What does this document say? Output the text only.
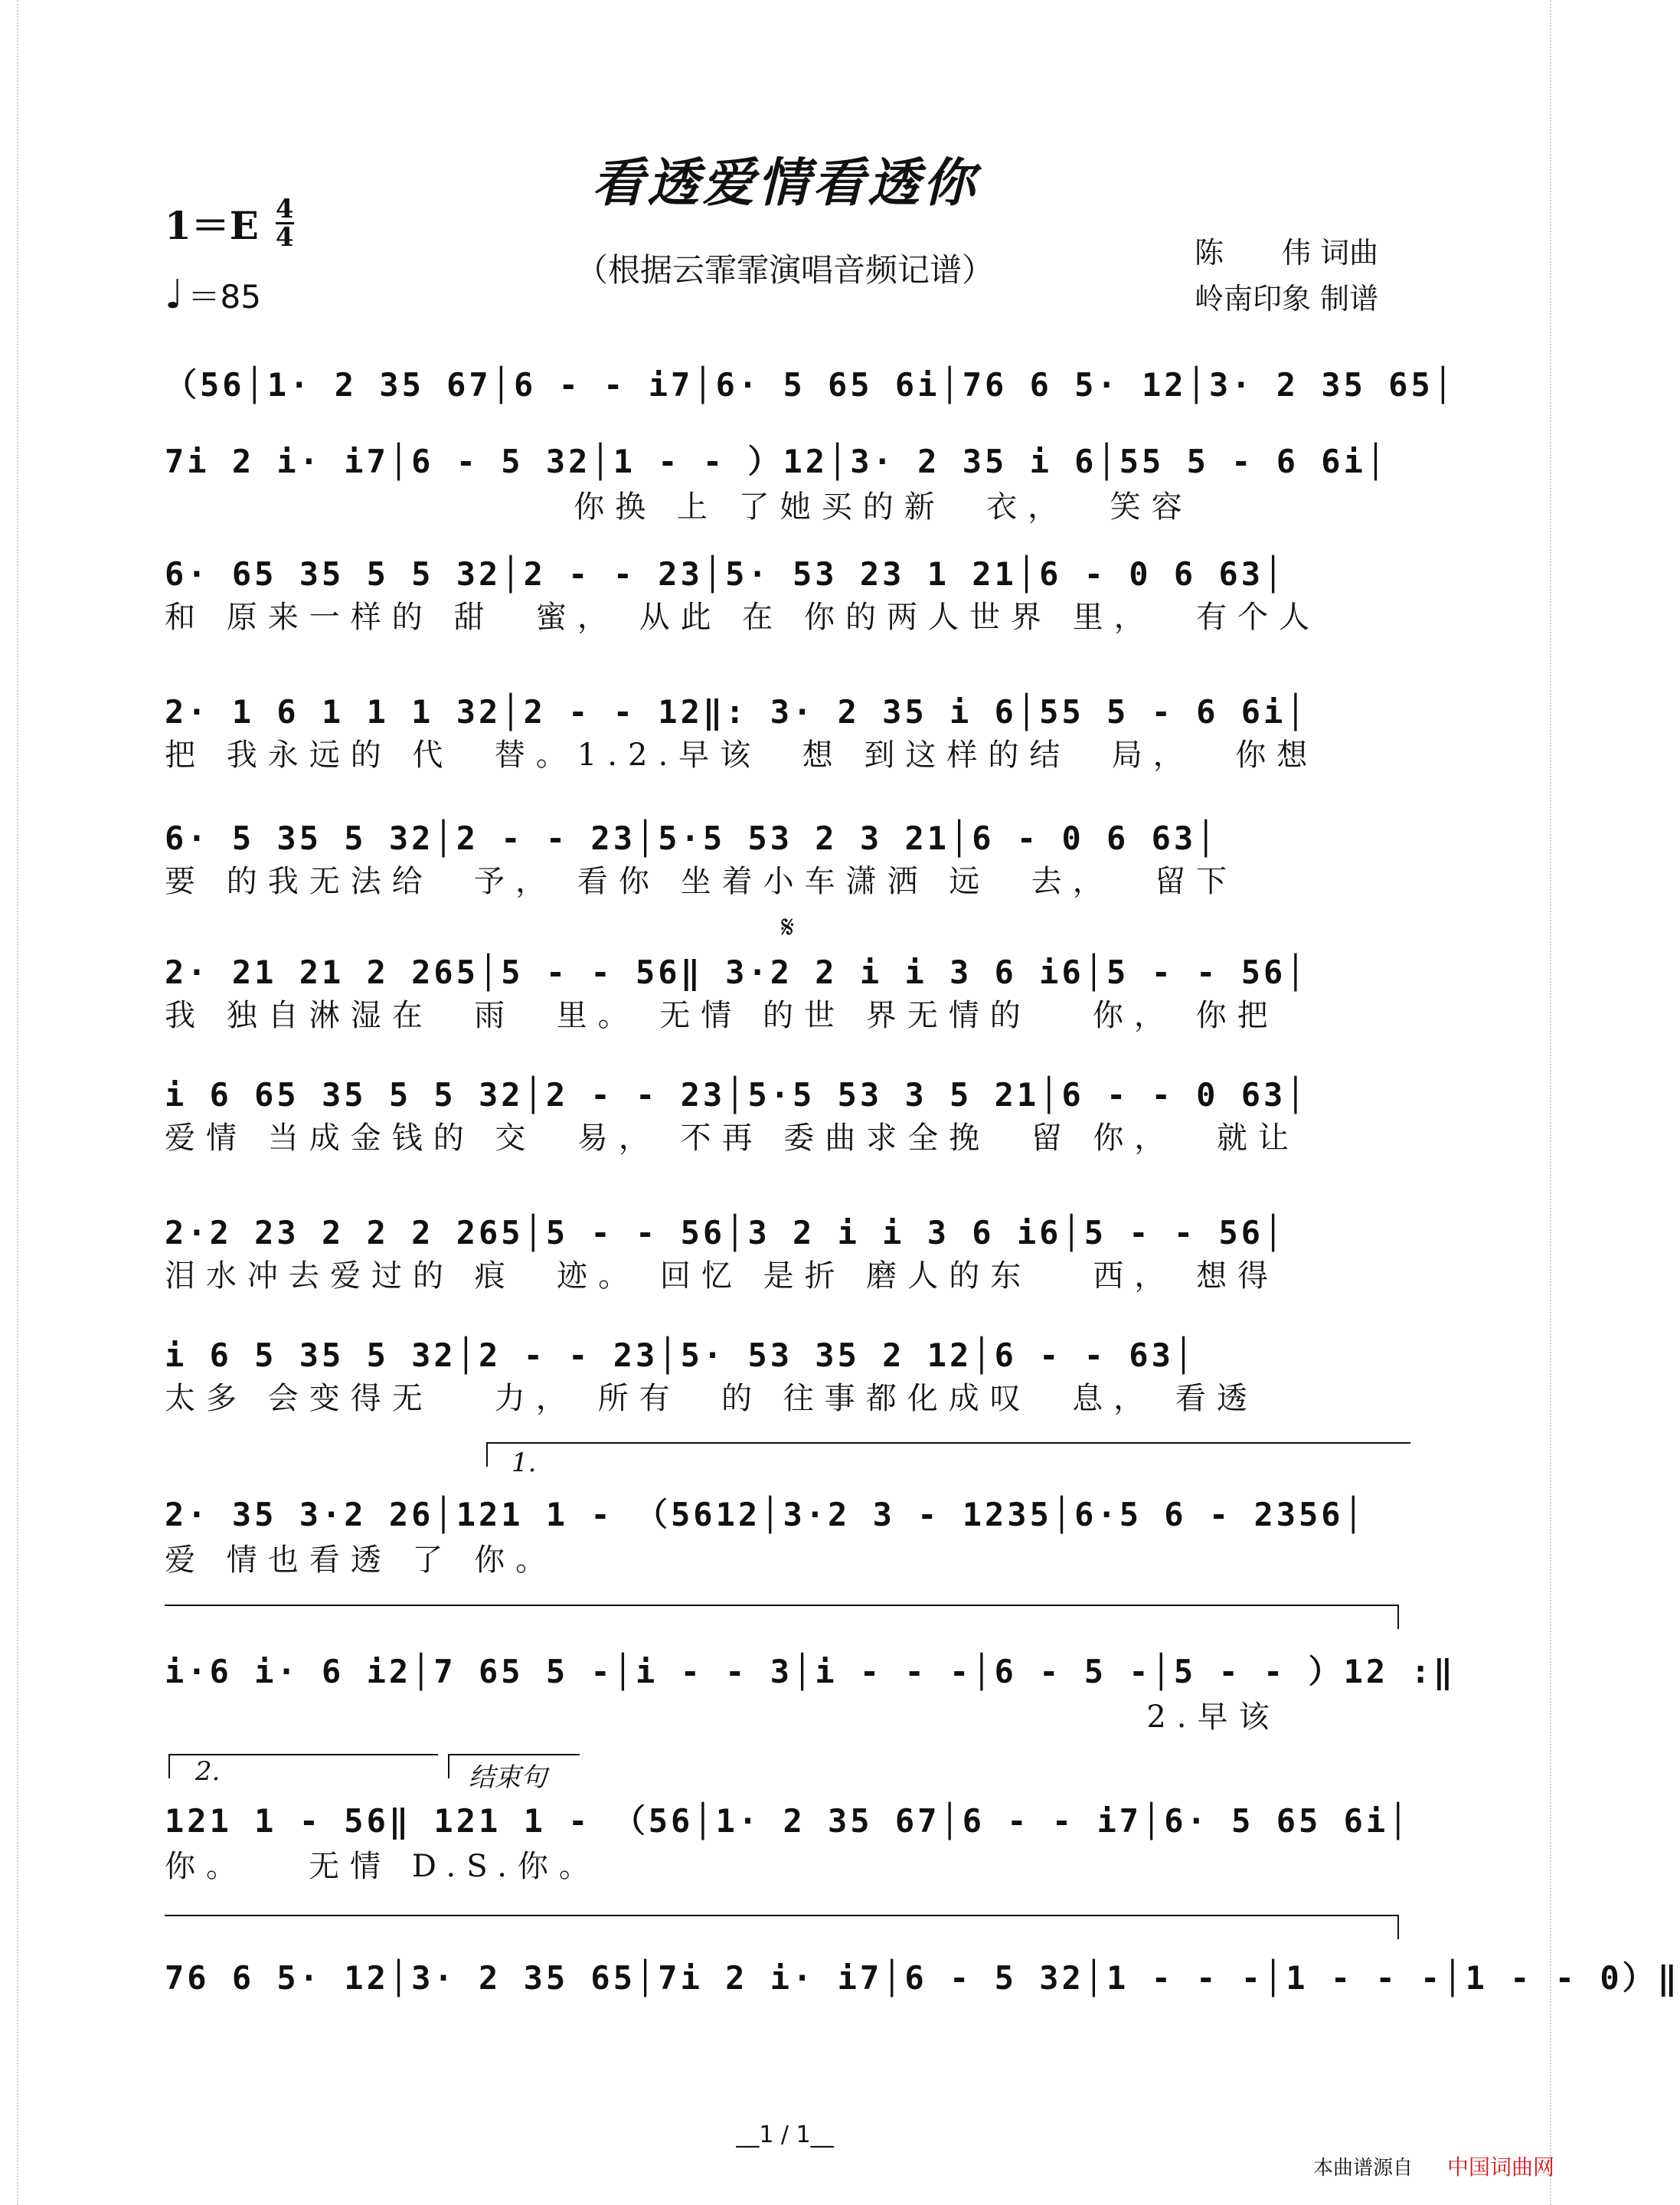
看透爱情看透你
（根据云霏霏演唱音频记谱）
1＝E 4
4
♩ ＝85
陈　　伟 词曲
岭南印象 制谱
（56│1· 2 35 67│6 - - i7│6· 5 65 6i│76 6 5· 12│3· 2 35 65│
7i 2 i· i7│6 - 5 32│1 - - ）12│3· 2 35 i 6│55 5 - 6 6i│
你换 上 了她买的新  衣，  笑容
6· 65 35 5 5 32│2 - - 23│5· 53 23 1 21│6 - 0 6 63│
和 原来一样的 甜  蜜， 从此 在 你的两人世界 里，  有个人
2· 1 6 1 1 1 32│2 - - 12‖: 3· 2 35 i 6│55 5 - 6 6i│
把 我永远的 代  替。1.2.早该  想 到这样的结  局，  你想
6· 5 35 5 32│2 - - 23│5·5 53 2 3 21│6 - 0 6 63│
要 的我无法给  予， 看你 坐着小车潇洒 远  去，  留下
2· 21 21 2 265│5 - - 56‖ 3·2 2 i i 3 6 i6│5 - - 56│
我 独自淋湿在  雨  里。 无情 的世 界无情的   你， 你把
𝄋
i 6 65 35 5 5 32│2 - - 23│5·5 53 3 5 21│6 - - 0 63│
爱情 当成金钱的 交  易， 不再 委曲求全挽  留 你，  就让
2·2 23 2 2 2 265│5 - - 56│3 2 i i 3 6 i6│5 - - 56│
泪水冲去爱过的 痕  迹。 回忆 是折 磨人的东   西， 想得
i 6 5 35 5 32│2 - - 23│5· 53 35 2 12│6 - - 63│
太多 会变得无   力， 所有  的 往事都化成叹  息， 看透
1.
2· 35 3·2 26│121 1 - （5612│3·2 3 - 1235│6·5 6 - 2356│
爱 情也看透 了 你。
i·6 i· 6 i2│7 65 5 -│i - - 3│i - - -│6 - 5 -│5 - - ）12 :‖
2.早该
2.	结束句
121 1 - 56‖ 121 1 - （56│1· 2 35 67│6 - - i7│6· 5 65 6i│
你。   无情 D.S.你。
76 6 5· 12│3· 2 35 65│7i 2 i· i7│6 - 5 32│1 - - -│1 - - -│1 - - 0）‖
__1 / 1__
本曲谱源自 中国词曲网
